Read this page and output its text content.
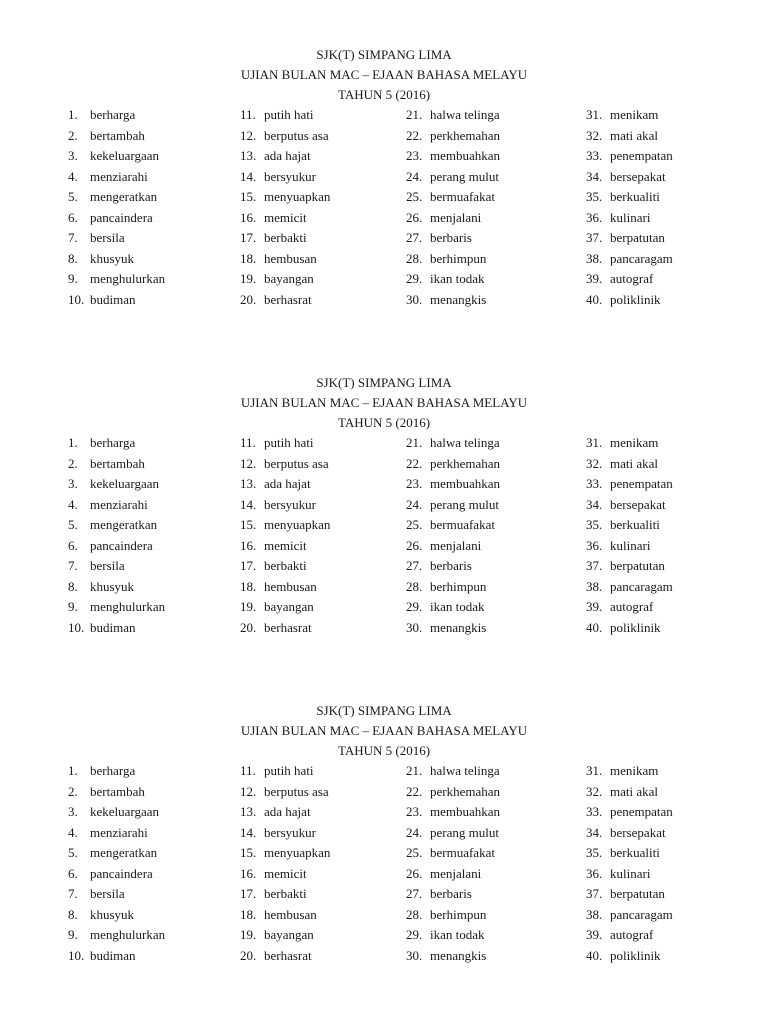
SJK(T) SIMPANG LIMA
UJIAN BULAN MAC – EJAAN BAHASA MELAYU
TAHUN 5 (2016)
1. berharga
2. bertambah
3. kekeluargaan
4. menziarahi
5. mengeratkan
6. pancaindera
7. bersila
8. khusyuk
9. menghulurkan
10. budiman
11. putih hati
12. berputus asa
13. ada hajat
14. bersyukur
15. menyuapkan
16. memicit
17. berbakti
18. hembusan
19. bayangan
20. berhasrat
21. halwa telinga
22. perkhemahan
23. membuahkan
24. perang mulut
25. bermuafakat
26. menjalani
27. berbaris
28. berhimpun
29. ikan todak
30. menangkis
31. menikam
32. mati akal
33. penempatan
34. bersepakat
35. berkualiti
36. kulinari
37. berpatutan
38. pancaragam
39. autograf
40. poliklinik
SJK(T) SIMPANG LIMA
UJIAN BULAN MAC – EJAAN BAHASA MELAYU
TAHUN 5 (2016)
1. berharga
2. bertambah
3. kekeluargaan
4. menziarahi
5. mengeratkan
6. pancaindera
7. bersila
8. khusyuk
9. menghulurkan
10. budiman
11. putih hati
12. berputus asa
13. ada hajat
14. bersyukur
15. menyuapkan
16. memicit
17. berbakti
18. hembusan
19. bayangan
20. berhasrat
21. halwa telinga
22. perkhemahan
23. membuahkan
24. perang mulut
25. bermuafakat
26. menjalani
27. berbaris
28. berhimpun
29. ikan todak
30. menangkis
31. menikam
32. mati akal
33. penempatan
34. bersepakat
35. berkualiti
36. kulinari
37. berpatutan
38. pancaragam
39. autograf
40. poliklinik
SJK(T) SIMPANG LIMA
UJIAN BULAN MAC – EJAAN BAHASA MELAYU
TAHUN 5 (2016)
1. berharga
2. bertambah
3. kekeluargaan
4. menziarahi
5. mengeratkan
6. pancaindera
7. bersila
8. khusyuk
9. menghulurkan
10. budiman
11. putih hati
12. berputus asa
13. ada hajat
14. bersyukur
15. menyuapkan
16. memicit
17. berbakti
18. hembusan
19. bayangan
20. berhasrat
21. halwa telinga
22. perkhemahan
23. membuahkan
24. perang mulut
25. bermuafakat
26. menjalani
27. berbaris
28. berhimpun
29. ikan todak
30. menangkis
31. menikam
32. mati akal
33. penempatan
34. bersepakat
35. berkualiti
36. kulinari
37. berpatutan
38. pancaragam
39. autograf
40. poliklinik
